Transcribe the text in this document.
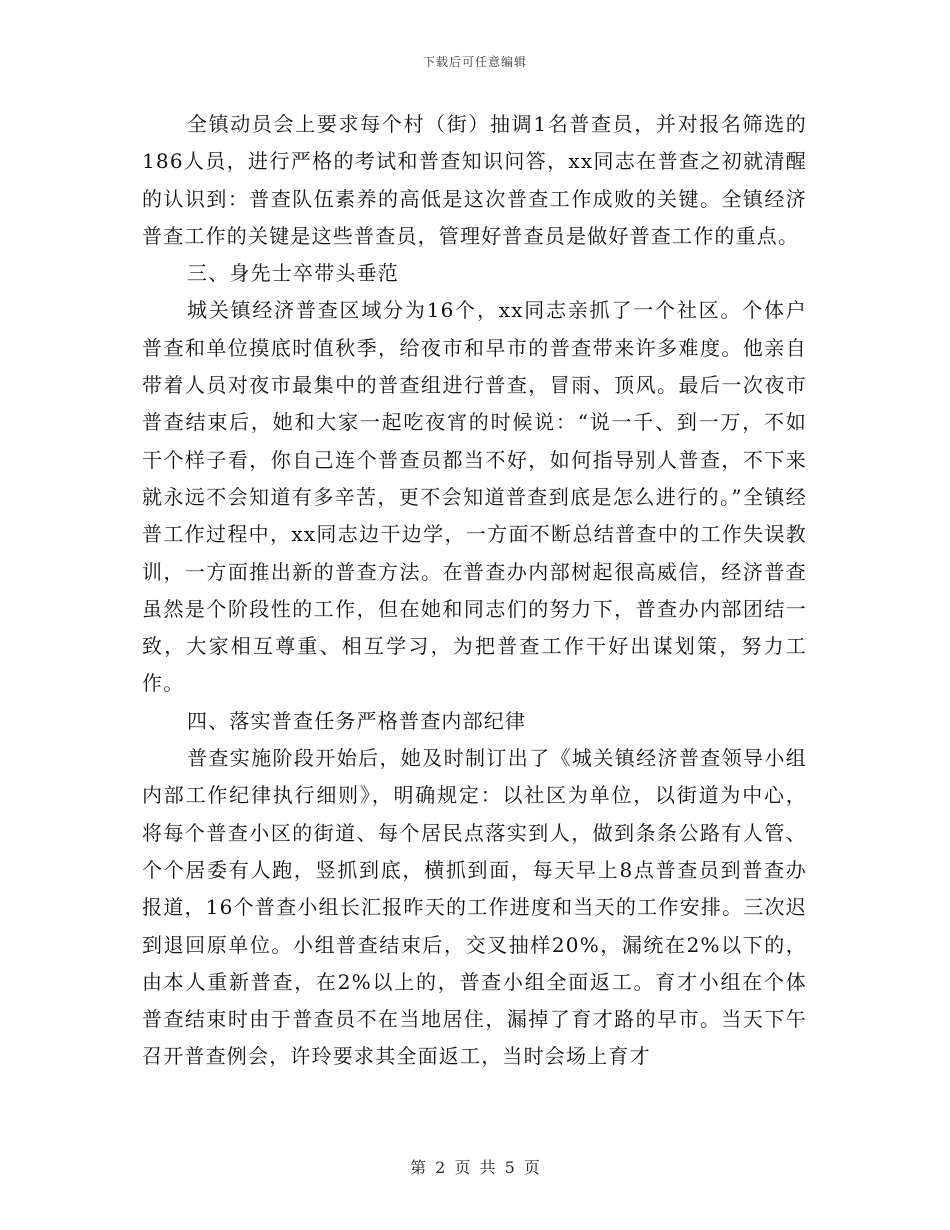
下载后可任意编辑

全镇动员会上要求每个村（街）抽调1名普查员，并对报名筛选的186人员，进行严格的考试和普查知识问答，xx同志在普查之初就清醒的认识到：普查队伍素养的高低是这次普查工作成败的关键。全镇经济普查工作的关键是这些普查员，管理好普查员是做好普查工作的重点。

三、身先士卒带头垂范

城关镇经济普查区域分为16个，xx同志亲抓了一个社区。个体户普查和单位摸底时值秋季，给夜市和早市的普查带来许多难度。他亲自带着人员对夜市最集中的普查组进行普查，冒雨、顶风。最后一次夜市普查结束后，她和大家一起吃夜宵的时候说：“说一千、到一万，不如干个样子看，你自己连个普查员都当不好，如何指导别人普查，不下来就永远不会知道有多辛苦，更不会知道普查到底是怎么进行的。”全镇经普工作过程中，xx同志边干边学，一方面不断总结普查中的工作失误教训，一方面推出新的普查方法。在普查办内部树起很高威信，经济普查虽然是个阶段性的工作，但在她和同志们的努力下，普查办内部团结一致，大家相互尊重、相互学习，为把普查工作干好出谋划策，努力工作。

四、落实普查任务严格普查内部纪律

普查实施阶段开始后，她及时制订出了《城关镇经济普查领导小组内部工作纪律执行细则》，明确规定：以社区为单位，以街道为中心，将每个普查小区的街道、每个居民点落实到人，做到条条公路有人管、个个居委有人跑，竖抓到底，横抓到面，每天早上8点普查员到普查办报道，16个普查小组长汇报昨天的工作进度和当天的工作安排。三次迟到退回原单位。小组普查结束后，交叉抽样20%，漏统在2%以下的，由本人重新普查，在2%以上的，普查小组全面返工。育才小组在个体普查结束时由于普查员不在当地居住，漏掉了育才路的早市。当天下午召开普查例会，许玲要求其全面返工，当时会场上育才

第 2 页 共 5 页
